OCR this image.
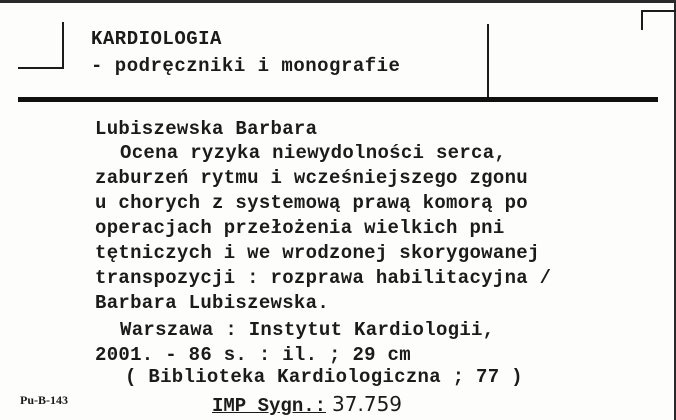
KARDIOLOGIA
- podręczniki i monografie
Lubiszewska Barbara
Ocena ryzyka niewydolności serca,
zaburzeń rytmu i wcześniejszego zgonu
u chorych z systemową prawą komorą po
operacjach przełożenia wielkich pni
tętniczych i we wrodzonej skorygowanej
transpozycji : rozprawa habilitacyjna /
Barbara Lubiszewska.
Warszawa : Instytut Kardiologii,
2001. - 86 s. : il. ; 29 cm
( Biblioteka Kardiologiczna ; 77 )
Pu-B-143	IMP Sygn.: 37.759
